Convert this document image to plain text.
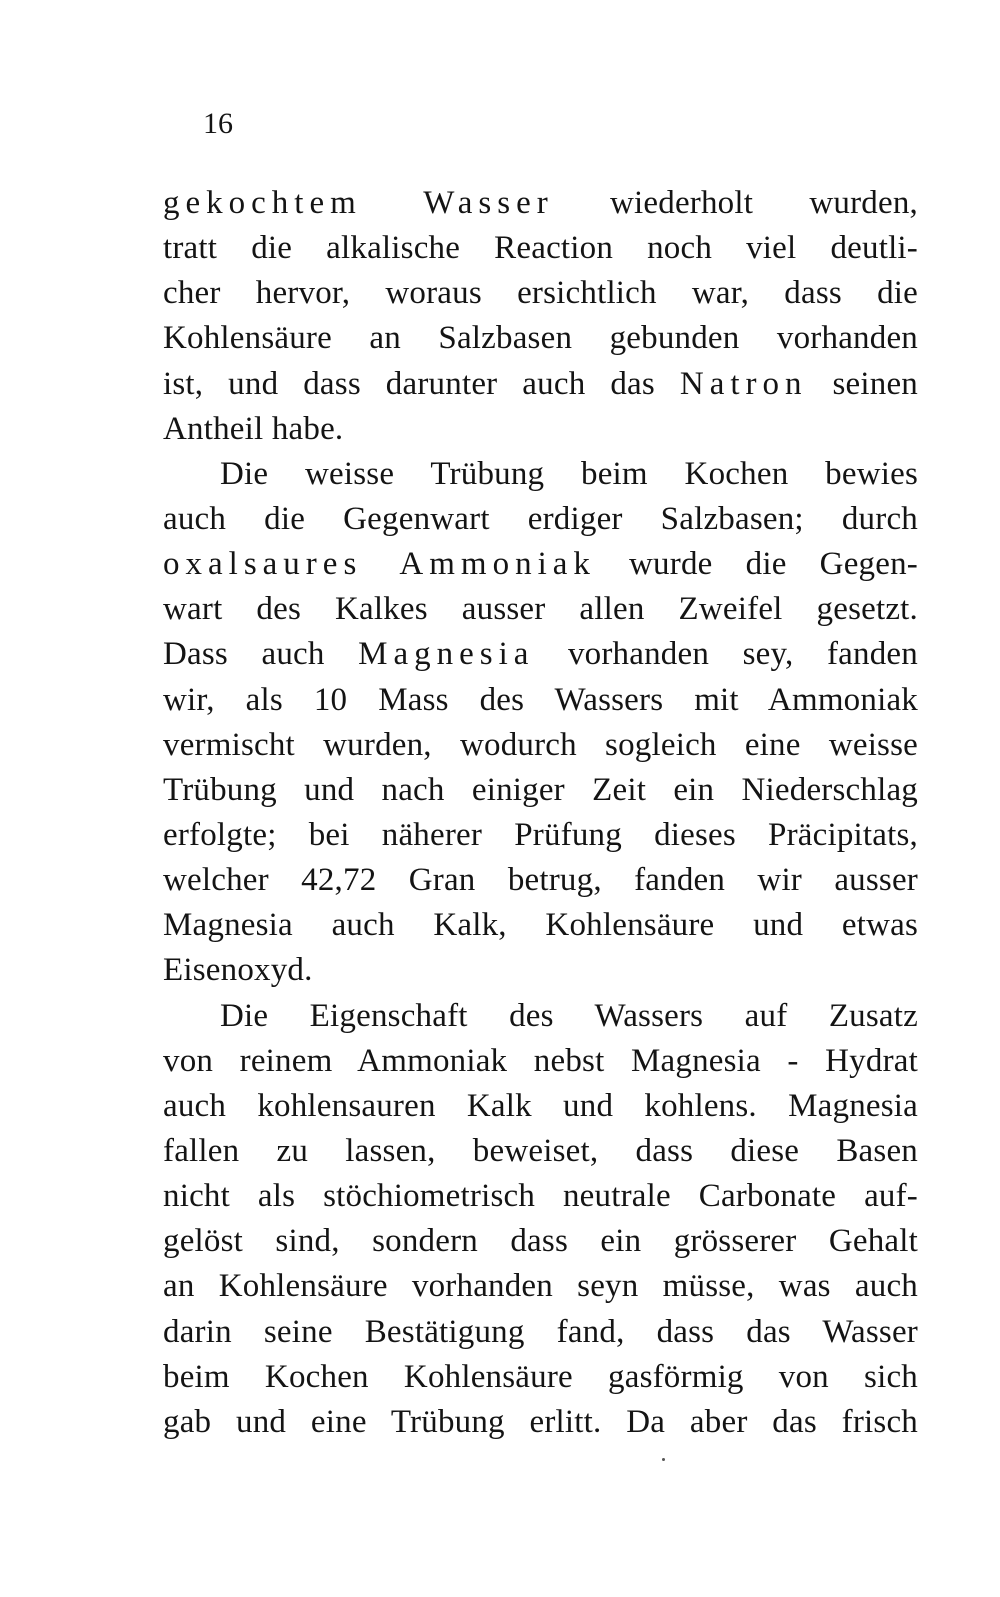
16
gekochtem Wasser wiederholt wurden,
tratt die alkalische Reaction noch viel deutli-
cher hervor, woraus ersichtlich war, dass die
Kohlensäure an Salzbasen gebunden vorhanden
ist, und dass darunter auch das Natron seinen
Antheil habe.
Die weisse Trübung beim Kochen bewies
auch die Gegenwart erdiger Salzbasen; durch
oxalsaures Ammoniak wurde die Gegen-
wart des Kalkes ausser allen Zweifel gesetzt.
Dass auch Magnesia vorhanden sey, fanden
wir, als 10 Mass des Wassers mit Ammoniak
vermischt wurden, wodurch sogleich eine weisse
Trübung und nach einiger Zeit ein Niederschlag
erfolgte; bei näherer Prüfung dieses Präcipitats,
welcher 42,72 Gran betrug, fanden wir ausser
Magnesia auch Kalk, Kohlensäure und etwas
Eisenoxyd.
Die Eigenschaft des Wassers auf Zusatz
von reinem Ammoniak nebst Magnesia - Hydrat
auch kohlensauren Kalk und kohlens. Magnesia
fallen zu lassen, beweiset, dass diese Basen
nicht als stöchiometrisch neutrale Carbonate auf-
gelöst sind, sondern dass ein grösserer Gehalt
an Kohlensäure vorhanden seyn müsse, was auch
darin seine Bestätigung fand, dass das Wasser
beim Kochen Kohlensäure gasförmig von sich
gab und eine Trübung erlitt. Da aber das frisch
